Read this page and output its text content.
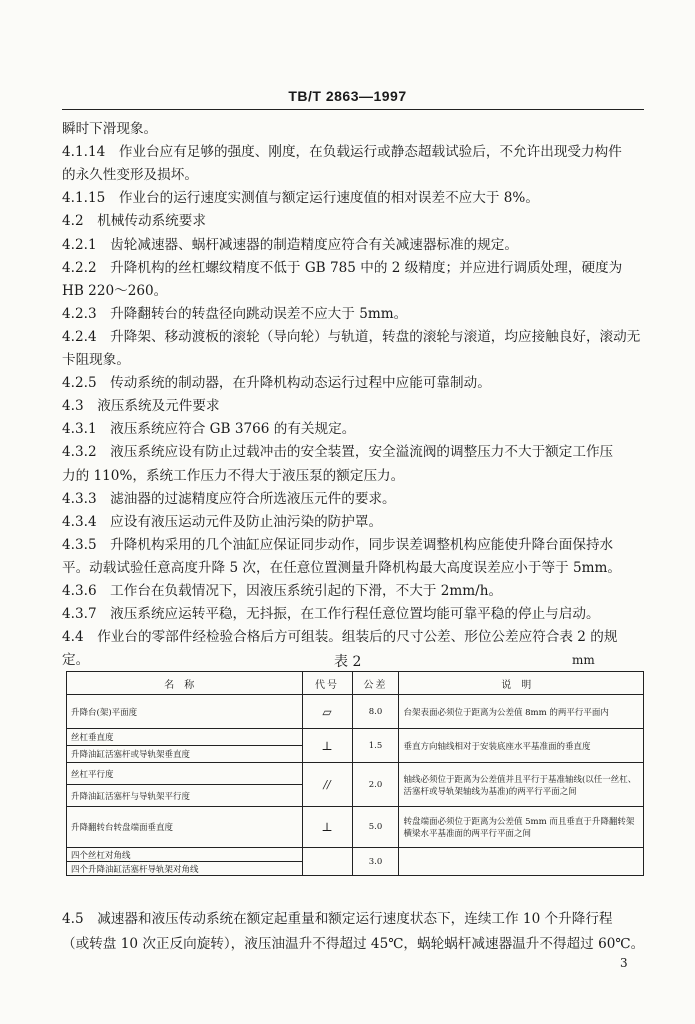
TB/T 2863—1997
瞬时下滑现象。
4.1.14　作业台应有足够的强度、刚度，在负载运行或静态超载试验后，不允许出现受力构件
的永久性变形及损坏。
4.1.15　作业台的运行速度实测值与额定运行速度值的相对误差不应大于 8%。
4.2　机械传动系统要求
4.2.1　齿轮减速器、蜗杆减速器的制造精度应符合有关减速器标准的规定。
4.2.2　升降机构的丝杠螺纹精度不低于 GB 785 中的 2 级精度；并应进行调质处理，硬度为
HB 220～260。
4.2.3　升降翻转台的转盘径向跳动误差不应大于 5mm。
4.2.4　升降架、移动渡板的滚轮（导向轮）与轨道，转盘的滚轮与滚道，均应接触良好，滚动无
卡阻现象。
4.2.5　传动系统的制动器，在升降机构动态运行过程中应能可靠制动。
4.3　液压系统及元件要求
4.3.1　液压系统应符合 GB 3766 的有关规定。
4.3.2　液压系统应设有防止过载冲击的安全装置，安全溢流阀的调整压力不大于额定工作压
力的 110%，系统工作压力不得大于液压泵的额定压力。
4.3.3　滤油器的过滤精度应符合所选液压元件的要求。
4.3.4　应设有液压运动元件及防止油污染的防护罩。
4.3.5　升降机构采用的几个油缸应保证同步动作，同步误差调整机构应能使升降台面保持水
平。动载试验任意高度升降 5 次，在任意位置测量升降机构最大高度误差应小于等于 5mm。
4.3.6　工作台在负载情况下，因液压系统引起的下滑，不大于 2mm/h。
4.3.7　液压系统应运转平稳，无抖振，在工作行程任意位置均能可靠平稳的停止与启动。
4.4　作业台的零部件经检验合格后方可组装。组装后的尺寸公差、形位公差应符合表 2 的规
定。	表 2	mm
名称	代号	公差	说明
升降台(架)平面度	▱	8.0	台架表面必须位于距离为公差值 8mm 的两平行平面内
丝杠垂直度	⊥	1.5	垂直方向轴线相对于安装底座水平基准面的垂直度
升降油缸活塞杆或导轨架垂直度			
丝杠平行度	//	2.0	轴线必须位于距离为公差值并且平行于基准轴线(以任一丝杠、活塞杆或导轨架轴线为基准)的两平行平面之间
升降油缸活塞杆与导轨架平行度			
升降翻转台转盘端面垂直度	⊥	5.0	转盘端面必须位于距离为公差值 5mm 而且垂直于升降翻转架横梁水平基准面的两平行平面之间
四个丝杠对角线		3.0	
四个升降油缸活塞杆导轨架对角线			
4.5　减速器和液压传动系统在额定起重量和额定运行速度状态下，连续工作 10 个升降行程
（或转盘 10 次正反向旋转），液压油温升不得超过 45℃，蜗轮蜗杆减速器温升不得超过 60℃。
3
